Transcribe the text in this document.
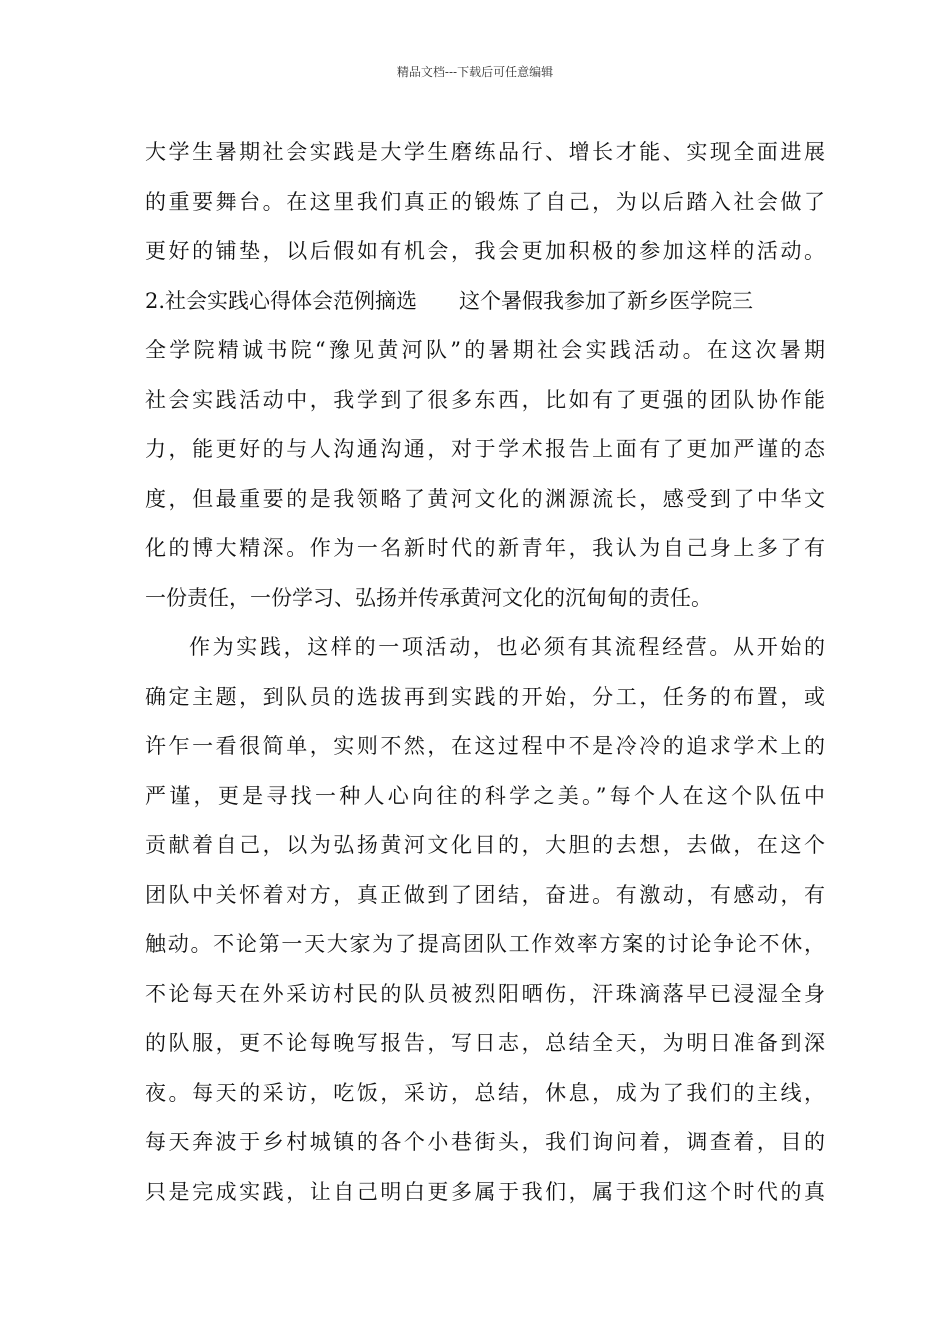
精品文档---下载后可任意编辑
大学生暑期社会实践是大学生磨练品行、增长才能、实现全面进展
的重要舞台。在这里我们真正的锻炼了自己，为以后踏入社会做了
更好的铺垫，以后假如有机会，我会更加积极的参加这样的活动。
2.社会实践心得体会范例摘选　　这个暑假我参加了新乡医学院三
全学院精诚书院“豫见黄河队”的暑期社会实践活动。在这次暑期
社会实践活动中，我学到了很多东西，比如有了更强的团队协作能
力，能更好的与人沟通沟通，对于学术报告上面有了更加严谨的态
度，但最重要的是我领略了黄河文化的渊源流长，感受到了中华文
化的博大精深。作为一名新时代的新青年，我认为自己身上多了有
一份责任，一份学习、弘扬并传承黄河文化的沉甸甸的责任。
作为实践，这样的一项活动，也必须有其流程经营。从开始的
确定主题，到队员的选拔再到实践的开始，分工，任务的布置，或
许乍一看很简单，实则不然，在这过程中不是冷冷的追求学术上的
严谨，更是寻找一种人心向往的科学之美。”每个人在这个队伍中
贡献着自己，以为弘扬黄河文化目的，大胆的去想，去做，在这个
团队中关怀着对方，真正做到了团结，奋进。有激动，有感动，有
触动。不论第一天大家为了提高团队工作效率方案的讨论争论不休，
不论每天在外采访村民的队员被烈阳晒伤，汗珠滴落早已浸湿全身
的队服，更不论每晚写报告，写日志，总结全天，为明日准备到深
夜。每天的采访，吃饭，采访，总结，休息，成为了我们的主线，
每天奔波于乡村城镇的各个小巷街头，我们询问着，调查着，目的
只是完成实践，让自己明白更多属于我们，属于我们这个时代的真
